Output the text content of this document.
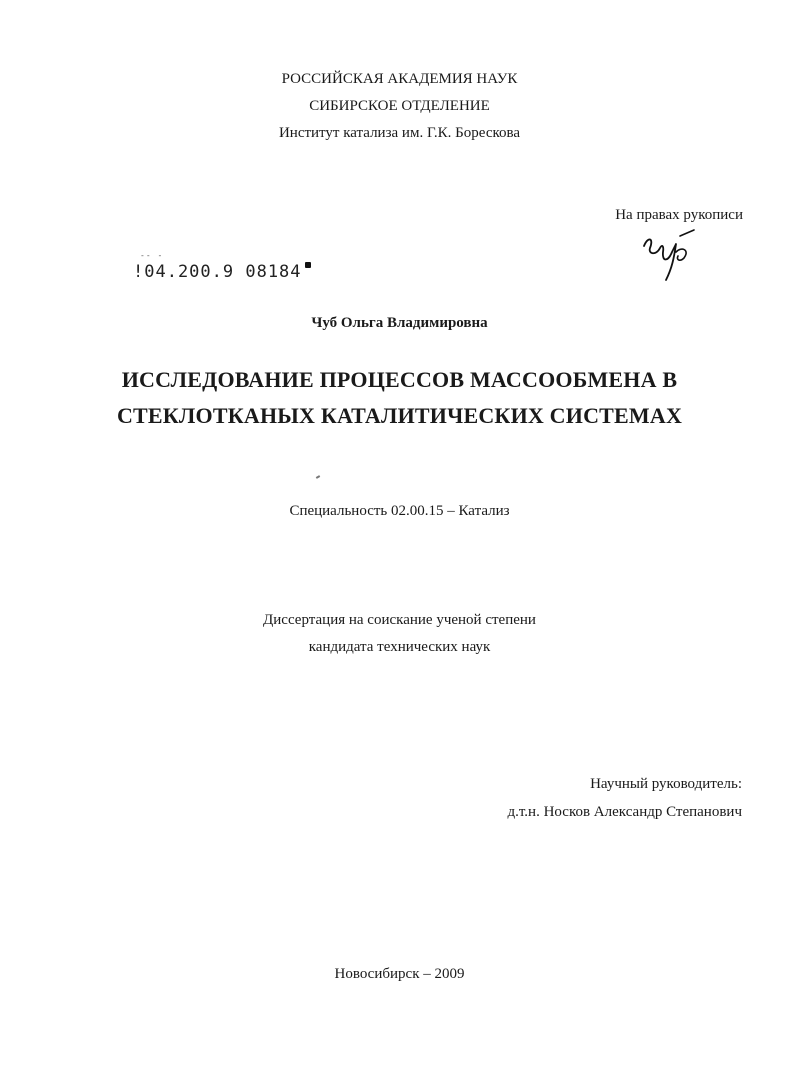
РОССИЙСКАЯ АКАДЕМИЯ НАУК
СИБИРСКОЕ ОТДЕЛЕНИЕ
Институт катализа им. Г.К. Борескова
На правах рукописи
-- -
!04.200.9 08184
Чуб Ольга Владимировна
ИССЛЕДОВАНИЕ ПРОЦЕССОВ МАССООБМЕНА В
СТЕКЛОТКАНЫХ КАТАЛИТИЧЕСКИХ СИСТЕМАХ
Специальность 02.00.15 – Катализ
Диссертация на соискание ученой степени
кандидата технических наук
Научный руководитель:
д.т.н. Носков Александр Степанович
Новосибирск – 2009
